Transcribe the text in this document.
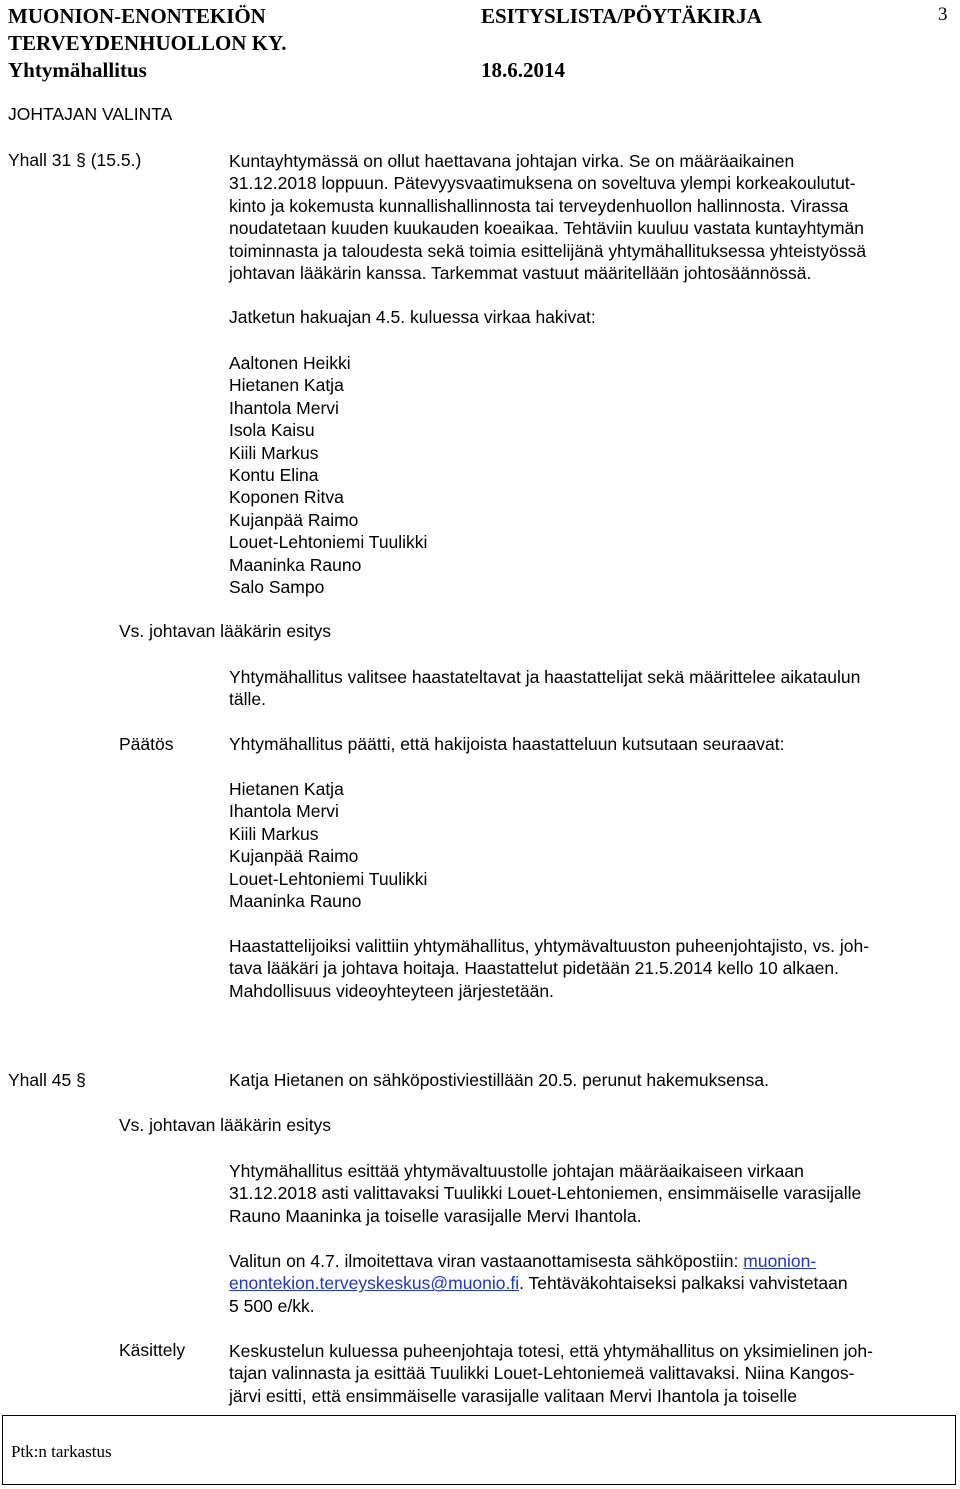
MUONION-ENONTEKIÖN
TERVEYDENHUOLLON KY.
Yhtymähallitus
ESITYSLISTA/PÖYTÄKIRJA
18.6.2014
3
JOHTAJAN VALINTA
Yhall 31 § (15.5.)	Kuntayhtymässä on ollut haettavana johtajan virka. Se on määräaikainen
31.12.2018 loppuun. Pätevyysvaatimuksena on soveltuva ylempi korkeakoulutut-
kinto ja kokemusta kunnallishallinnosta tai terveydenhuollon hallinnosta. Virassa
noudatetaan kuuden kuukauden koeaikaa. Tehtäviin kuuluu vastata kuntayhtymän
toiminnasta ja taloudesta sekä toimia esittelijänä yhtymähallituksessa yhteistyössä
johtavan lääkärin kanssa. Tarkemmat vastuut määritellään johtosäännössä.
Jatketun hakuajan 4.5. kuluessa virkaa hakivat:
Aaltonen Heikki
Hietanen Katja
Ihantola Mervi
Isola Kaisu
Kiili Markus
Kontu Elina
Koponen Ritva
Kujanpää Raimo
Louet-Lehtoniemi Tuulikki
Maaninka Rauno
Salo Sampo
Vs. johtavan lääkärin esitys
Yhtymähallitus valitsee haastateltavat ja haastattelijat sekä määrittelee aikataulun
tälle.
Päätös	Yhtymähallitus päätti, että hakijoista haastatteluun kutsutaan seuraavat:
Hietanen Katja
Ihantola Mervi
Kiili Markus
Kujanpää Raimo
Louet-Lehtoniemi Tuulikki
Maaninka Rauno
Haastattelijoiksi valittiin yhtymähallitus, yhtymävaltuuston puheenjohtajisto, vs. joh-
tava lääkäri ja johtava hoitaja. Haastattelut pidetään 21.5.2014 kello 10 alkaen.
Mahdollisuus videoyhteyteen järjestetään.
Yhall 45 §	Katja Hietanen on sähköpostiviestillään 20.5. perunut hakemuksensa.
Vs. johtavan lääkärin esitys
Yhtymähallitus esittää yhtymävaltuustolle johtajan määräaikaiseen virkaan
31.12.2018 asti valittavaksi Tuulikki Louet-Lehtoniemen, ensimmäiselle varasijalle
Rauno Maaninka ja toiselle varasijalle Mervi Ihantola.
Valitun on 4.7. ilmoitettava viran vastaanottamisesta sähköpostiin: muonion-
enontekion.terveyskeskus@muonio.fi. Tehtäväkohtaiseksi palkaksi vahvistetaan
5 500 e/kk.
Käsittely	Keskustelun kuluessa puheenjohtaja totesi, että yhtymähallitus on yksimielinen joh-
tajan valinnasta ja esittää Tuulikki Louet-Lehtoniemeä valittavaksi. Niina Kangos-
järvi esitti, että ensimmäiselle varasijalle valitaan Mervi Ihantola ja toiselle
Ptk:n tarkastus
